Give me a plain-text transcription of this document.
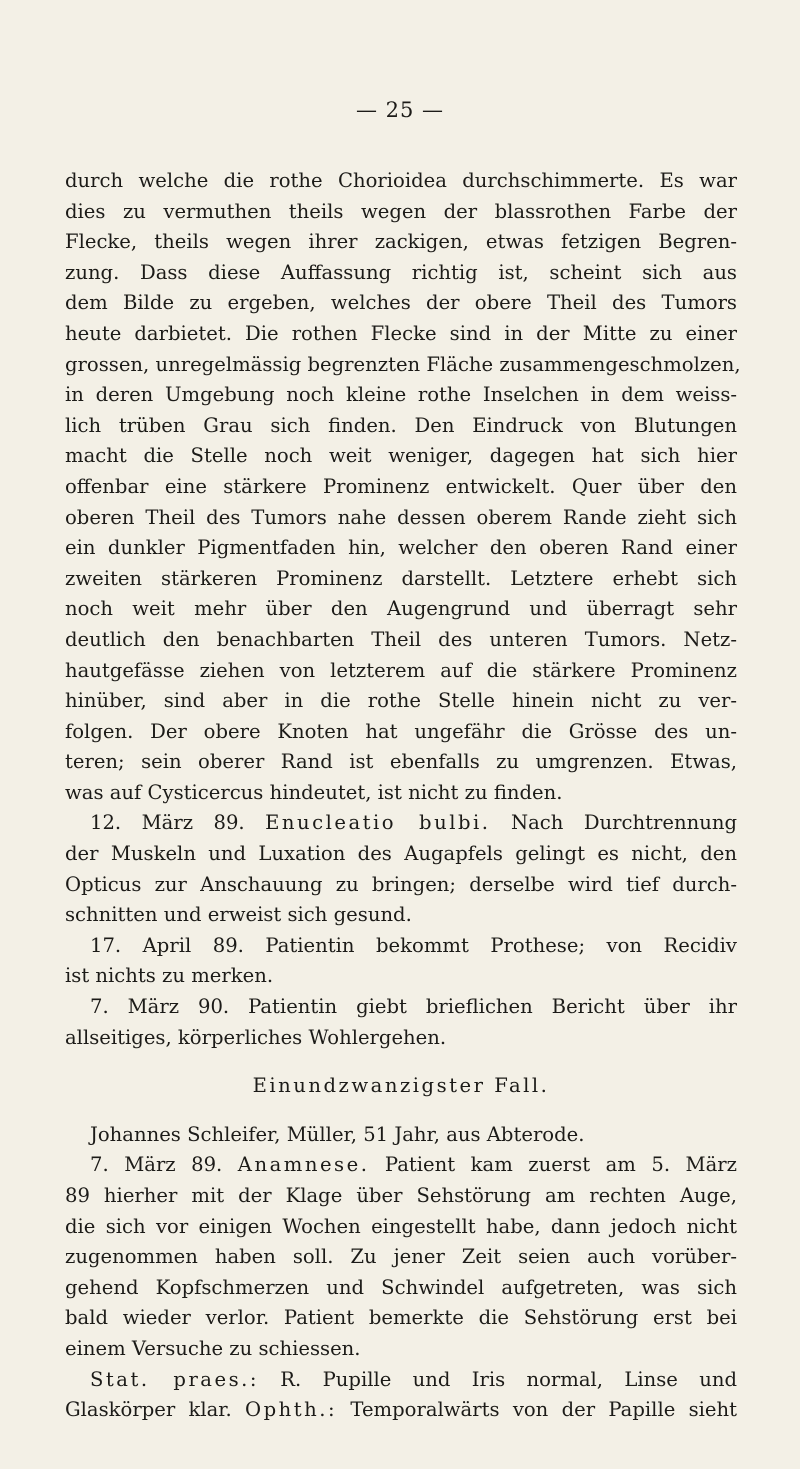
— 25 —
durch welche die rothe Chorioidea durchschimmerte. Es war
dies zu vermuthen theils wegen der blassrothen Farbe der
Flecke, theils wegen ihrer zackigen, etwas fetzigen Begren-
zung. Dass diese Auffassung richtig ist, scheint sich aus
dem Bilde zu ergeben, welches der obere Theil des Tumors
heute darbietet. Die rothen Flecke sind in der Mitte zu einer
grossen, unregelmässig begrenzten Fläche zusammengeschmolzen,
in deren Umgebung noch kleine rothe Inselchen in dem weiss-
lich trüben Grau sich finden. Den Eindruck von Blutungen
macht die Stelle noch weit weniger, dagegen hat sich hier
offenbar eine stärkere Prominenz entwickelt. Quer über den
oberen Theil des Tumors nahe dessen oberem Rande zieht sich
ein dunkler Pigmentfaden hin, welcher den oberen Rand einer
zweiten stärkeren Prominenz darstellt. Letztere erhebt sich
noch weit mehr über den Augengrund und überragt sehr
deutlich den benachbarten Theil des unteren Tumors. Netz-
hautgefässe ziehen von letzterem auf die stärkere Prominenz
hinüber, sind aber in die rothe Stelle hinein nicht zu ver-
folgen. Der obere Knoten hat ungefähr die Grösse des un-
teren; sein oberer Rand ist ebenfalls zu umgrenzen. Etwas,
was auf Cysticercus hindeutet, ist nicht zu finden.
12. März 89. Enucleatio bulbi. Nach Durchtrennung
der Muskeln und Luxation des Augapfels gelingt es nicht, den
Opticus zur Anschauung zu bringen; derselbe wird tief durch-
schnitten und erweist sich gesund.
17. April 89. Patientin bekommt Prothese; von Recidiv
ist nichts zu merken.
7. März 90. Patientin giebt brieflichen Bericht über ihr
allseitiges, körperliches Wohlergehen.
Einundzwanzigster Fall.
Johannes Schleifer, Müller, 51 Jahr, aus Abterode.
7. März 89. Anamnese. Patient kam zuerst am 5. März
89 hierher mit der Klage über Sehstörung am rechten Auge,
die sich vor einigen Wochen eingestellt habe, dann jedoch nicht
zugenommen haben soll. Zu jener Zeit seien auch vorüber-
gehend Kopfschmerzen und Schwindel aufgetreten, was sich
bald wieder verlor. Patient bemerkte die Sehstörung erst bei
einem Versuche zu schiessen.
Stat. praes.: R. Pupille und Iris normal, Linse und
Glaskörper klar. Ophth.: Temporalwärts von der Papille sieht
